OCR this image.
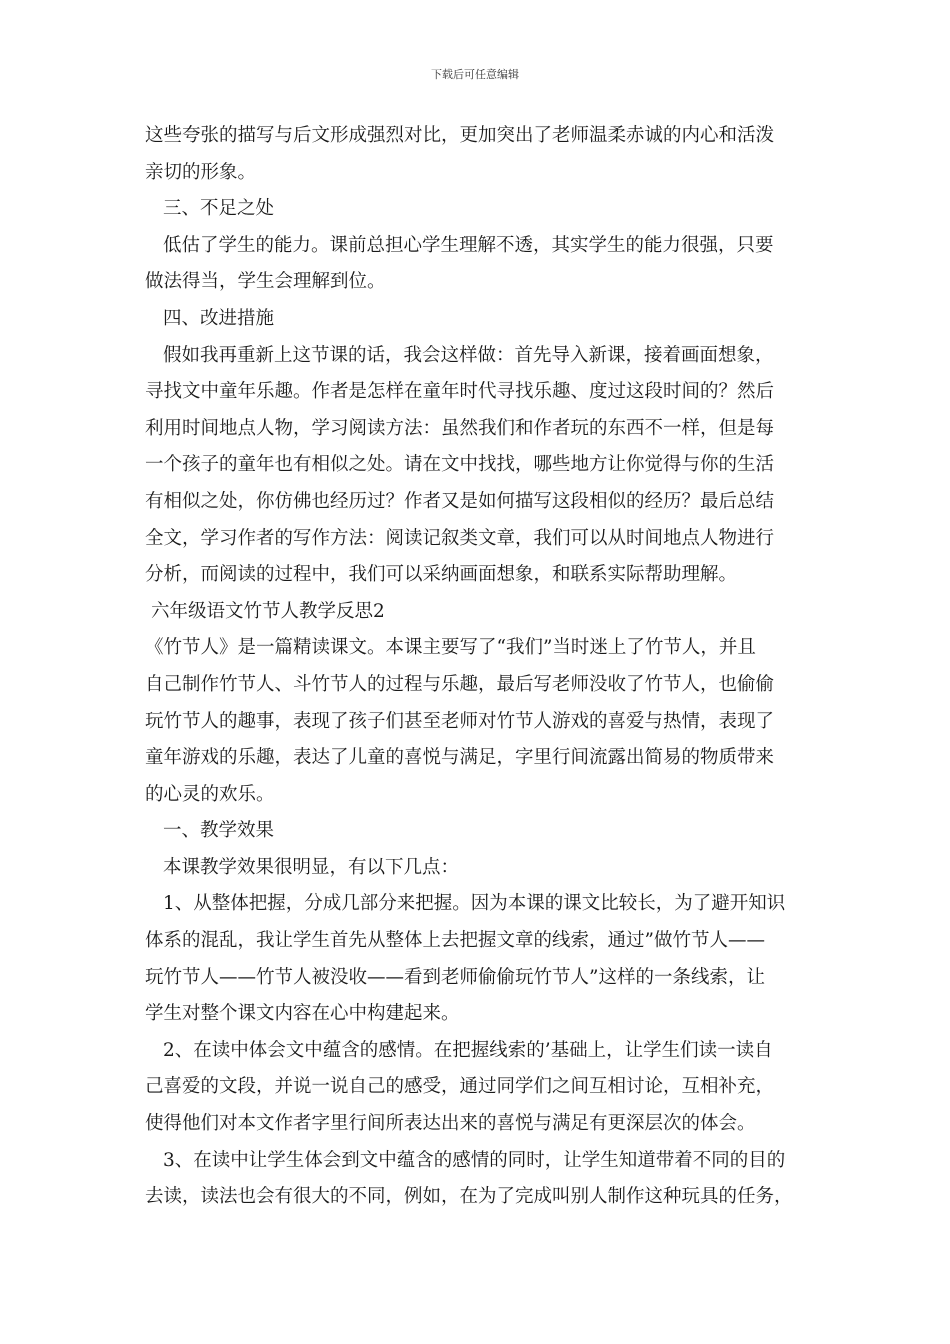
下载后可任意编辑
这些夸张的描写与后文形成强烈对比，更加突出了老师温柔赤诚的内心和活泼
亲切的形象。
三、不足之处
低估了学生的能力。课前总担心学生理解不透，其实学生的能力很强，只要
做法得当，学生会理解到位。
四、改进措施
假如我再重新上这节课的话，我会这样做：首先导入新课，接着画面想象，
寻找文中童年乐趣。作者是怎样在童年时代寻找乐趣、度过这段时间的？然后
利用时间地点人物，学习阅读方法：虽然我们和作者玩的东西不一样，但是每
一个孩子的童年也有相似之处。请在文中找找，哪些地方让你觉得与你的生活
有相似之处，你仿佛也经历过？作者又是如何描写这段相似的经历？最后总结
全文，学习作者的写作方法：阅读记叙类文章，我们可以从时间地点人物进行
分析，而阅读的过程中，我们可以采纳画面想象，和联系实际帮助理解。
六年级语文竹节人教学反思2
《竹节人》是一篇精读课文。本课主要写了“我们”当时迷上了竹节人，并且
自己制作竹节人、斗竹节人的过程与乐趣，最后写老师没收了竹节人，也偷偷
玩竹节人的趣事，表现了孩子们甚至老师对竹节人游戏的喜爱与热情，表现了
童年游戏的乐趣，表达了儿童的喜悦与满足，字里行间流露出简易的物质带来
的心灵的欢乐。
一、教学效果
本课教学效果很明显，有以下几点：
1、从整体把握，分成几部分来把握。因为本课的课文比较长，为了避开知识
体系的混乱，我让学生首先从整体上去把握文章的线索，通过”做竹节人——
玩竹节人——竹节人被没收——看到老师偷偷玩竹节人”这样的一条线索，让
学生对整个课文内容在心中构建起来。
2、在读中体会文中蕴含的感情。在把握线索的’基础上，让学生们读一读自
己喜爱的文段，并说一说自己的感受，通过同学们之间互相讨论，互相补充，
使得他们对本文作者字里行间所表达出来的喜悦与满足有更深层次的体会。
3、在读中让学生体会到文中蕴含的感情的同时，让学生知道带着不同的目的
去读，读法也会有很大的不同，例如，在为了完成叫别人制作这种玩具的任务，
